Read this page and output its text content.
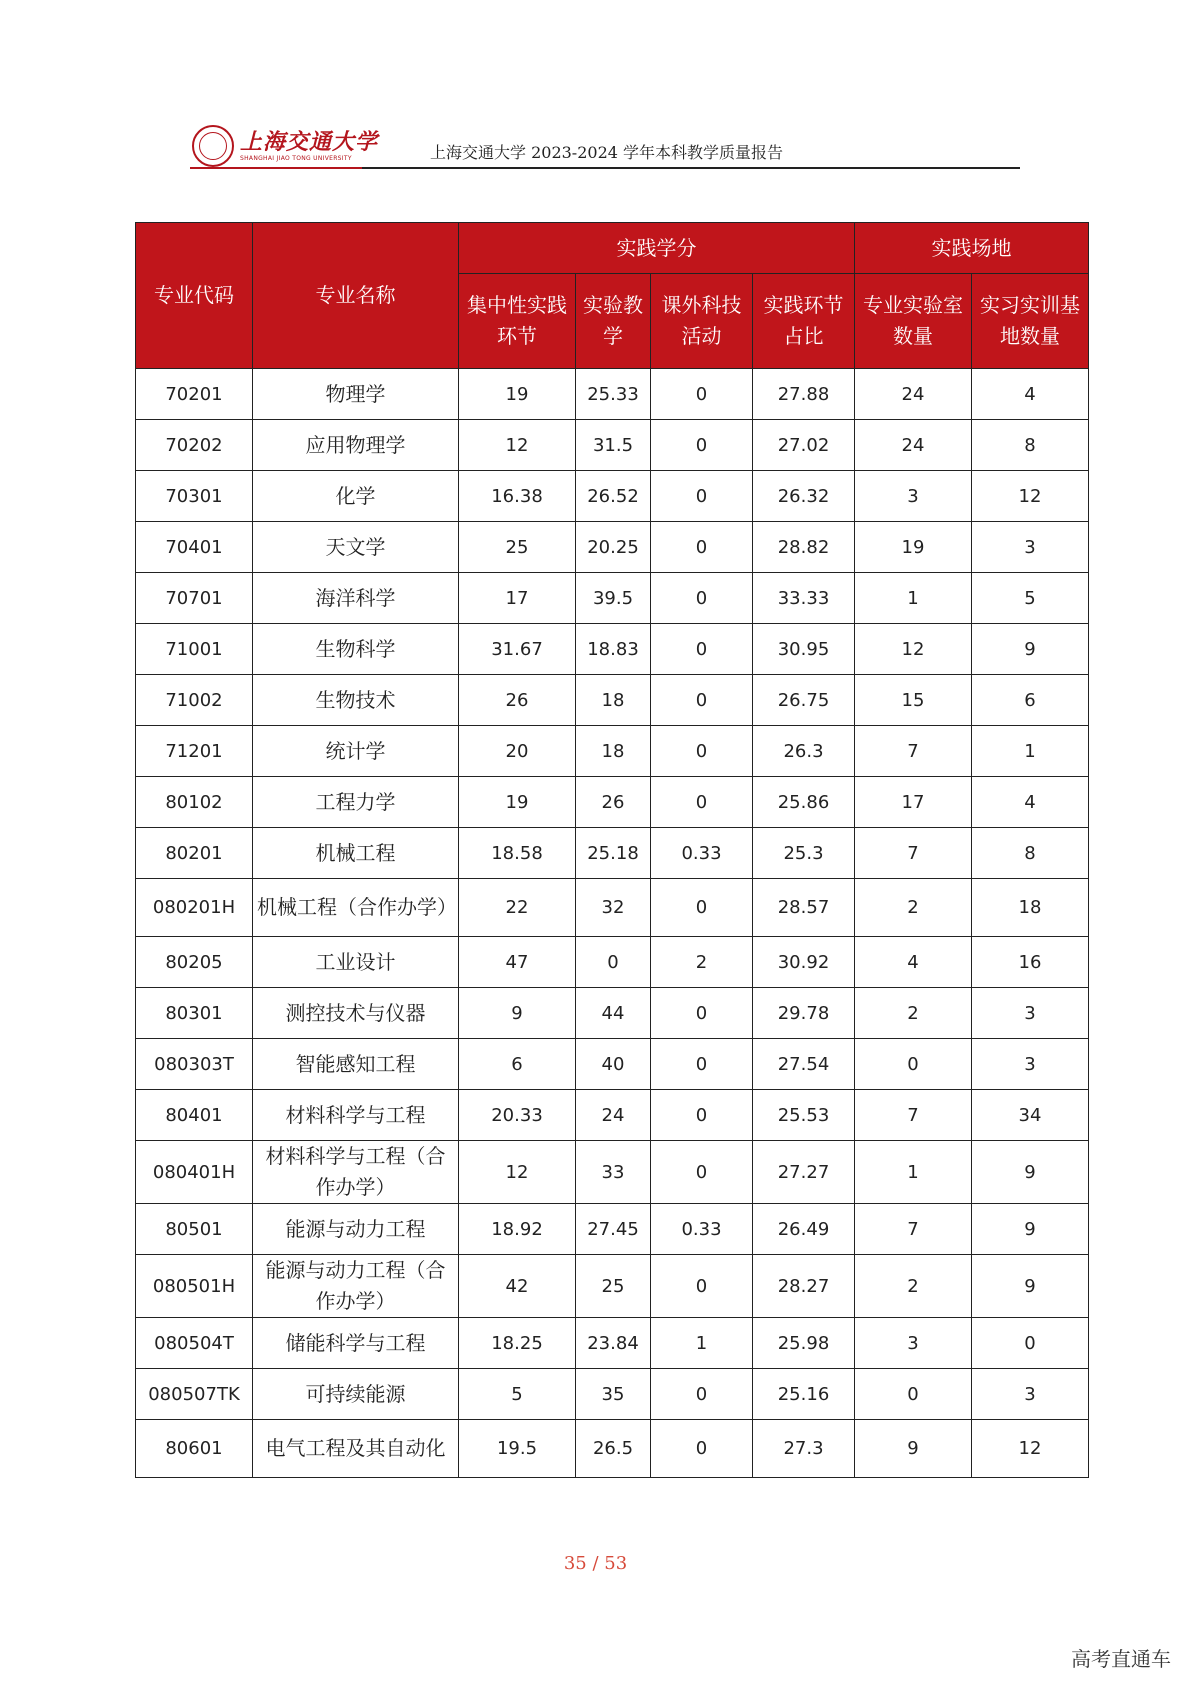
上海交通大学
SHANGHAI JIAO TONG UNIVERSITY	上海交通大学 2023-2024 学年本科教学质量报告
专业代码	专业名称	实践学分				实践场地	
		集中性实践环节	实验教学	课外科技活动	实践环节占比	专业实验室数量	实习实训基地数量
70201	物理学	19	25.33	0	27.88	24	4
70202	应用物理学	12	31.5	0	27.02	24	8
70301	化学	16.38	26.52	0	26.32	3	12
70401	天文学	25	20.25	0	28.82	19	3
70701	海洋科学	17	39.5	0	33.33	1	5
71001	生物科学	31.67	18.83	0	30.95	12	9
71002	生物技术	26	18	0	26.75	15	6
71201	统计学	20	18	0	26.3	7	1
80102	工程力学	19	26	0	25.86	17	4
80201	机械工程	18.58	25.18	0.33	25.3	7	8
080201H	机械工程（合作办学）	22	32	0	28.57	2	18
80205	工业设计	47	0	2	30.92	4	16
80301	测控技术与仪器	9	44	0	29.78	2	3
080303T	智能感知工程	6	40	0	27.54	0	3
80401	材料科学与工程	20.33	24	0	25.53	7	34
080401H	材料科学与工程（合作办学）	12	33	0	27.27	1	9
80501	能源与动力工程	18.92	27.45	0.33	26.49	7	9
080501H	能源与动力工程（合作办学）	42	25	0	28.27	2	9
080504T	储能科学与工程	18.25	23.84	1	25.98	3	0
080507TK	可持续能源	5	35	0	25.16	0	3
80601	电气工程及其自动化	19.5	26.5	0	27.3	9	12
35 / 53
高考直通车
